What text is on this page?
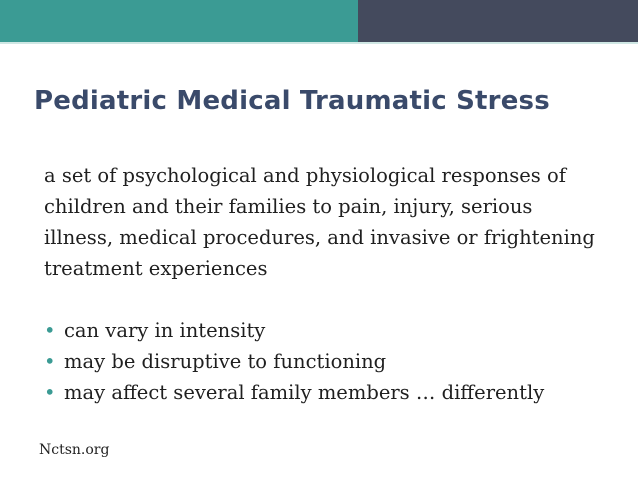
Pediatric Medical Traumatic Stress

a set of psychological and physiological responses of children and their families to pain, injury, serious illness, medical procedures, and invasive or frightening treatment experiences

• can vary in intensity
• may be disruptive to functioning
• may affect several family members … differently

Nctsn.org
